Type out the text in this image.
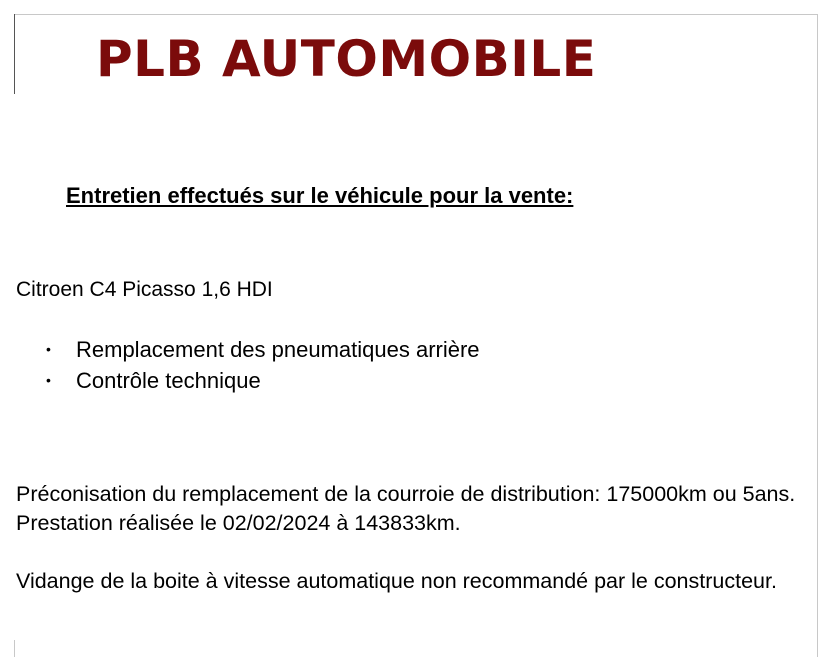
PLB AUTOMOBILE
Entretien effectués sur le véhicule pour la vente:

Citroen C4 Picasso 1,6 HDI

• Remplacement des pneumatiques arrière
• Contrôle technique

Préconisation du remplacement de la courroie de distribution: 175000km ou 5ans. Prestation réalisée le 02/02/2024 à 143833km.

Vidange de la boite à vitesse automatique non recommandé par le constructeur.
